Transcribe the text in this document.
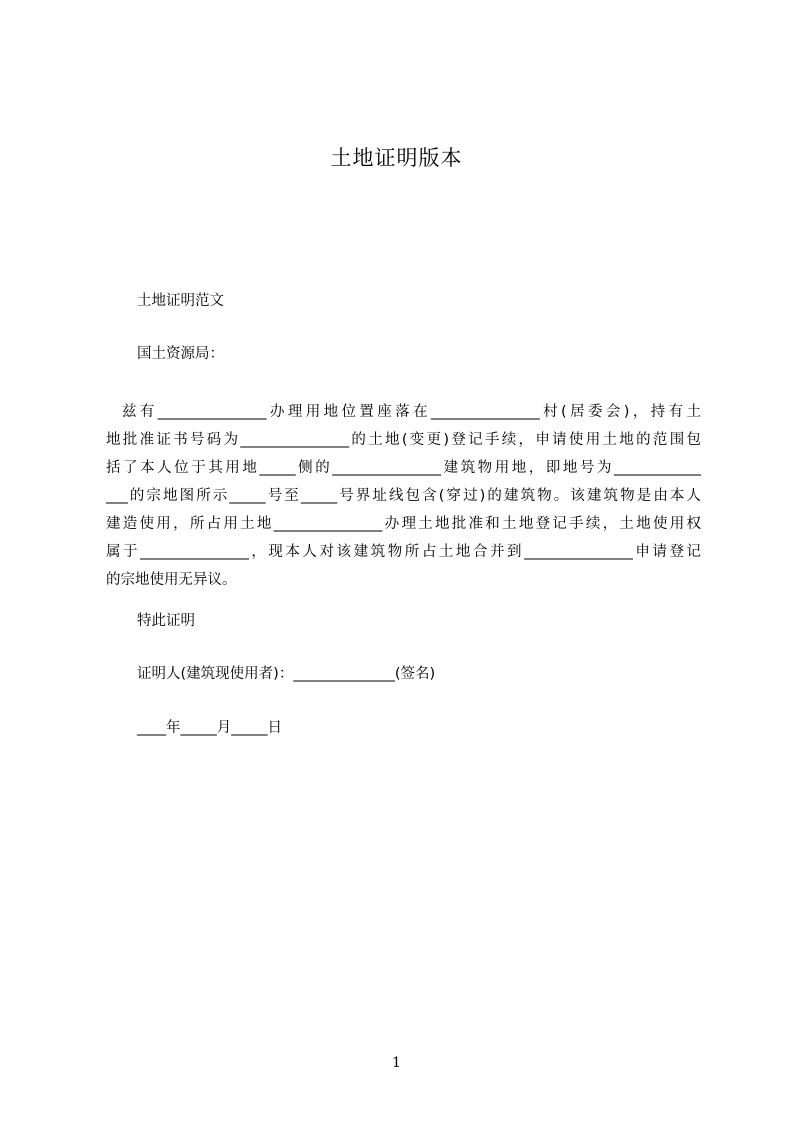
土地证明版本
土地证明范文
国土资源局：
兹有_______________办理用地位置座落在_______________村(居委会)，持有土
地批准证书号码为_______________的土地(变更)登记手续，申请使用土地的范围包
括了本人位于其用地_____侧的_______________建筑物用地，即地号为____________
___的宗地图所示_____号至_____号界址线包含(穿过)的建筑物。该建筑物是由本人
建造使用，所占用土地_______________办理土地批准和土地登记手续，土地使用权
属于_______________，现本人对该建筑物所占土地合并到_______________申请登记
的宗地使用无异议。
特此证明
证明人(建筑现使用者)：______________(签名)
____年_____月_____日
1
